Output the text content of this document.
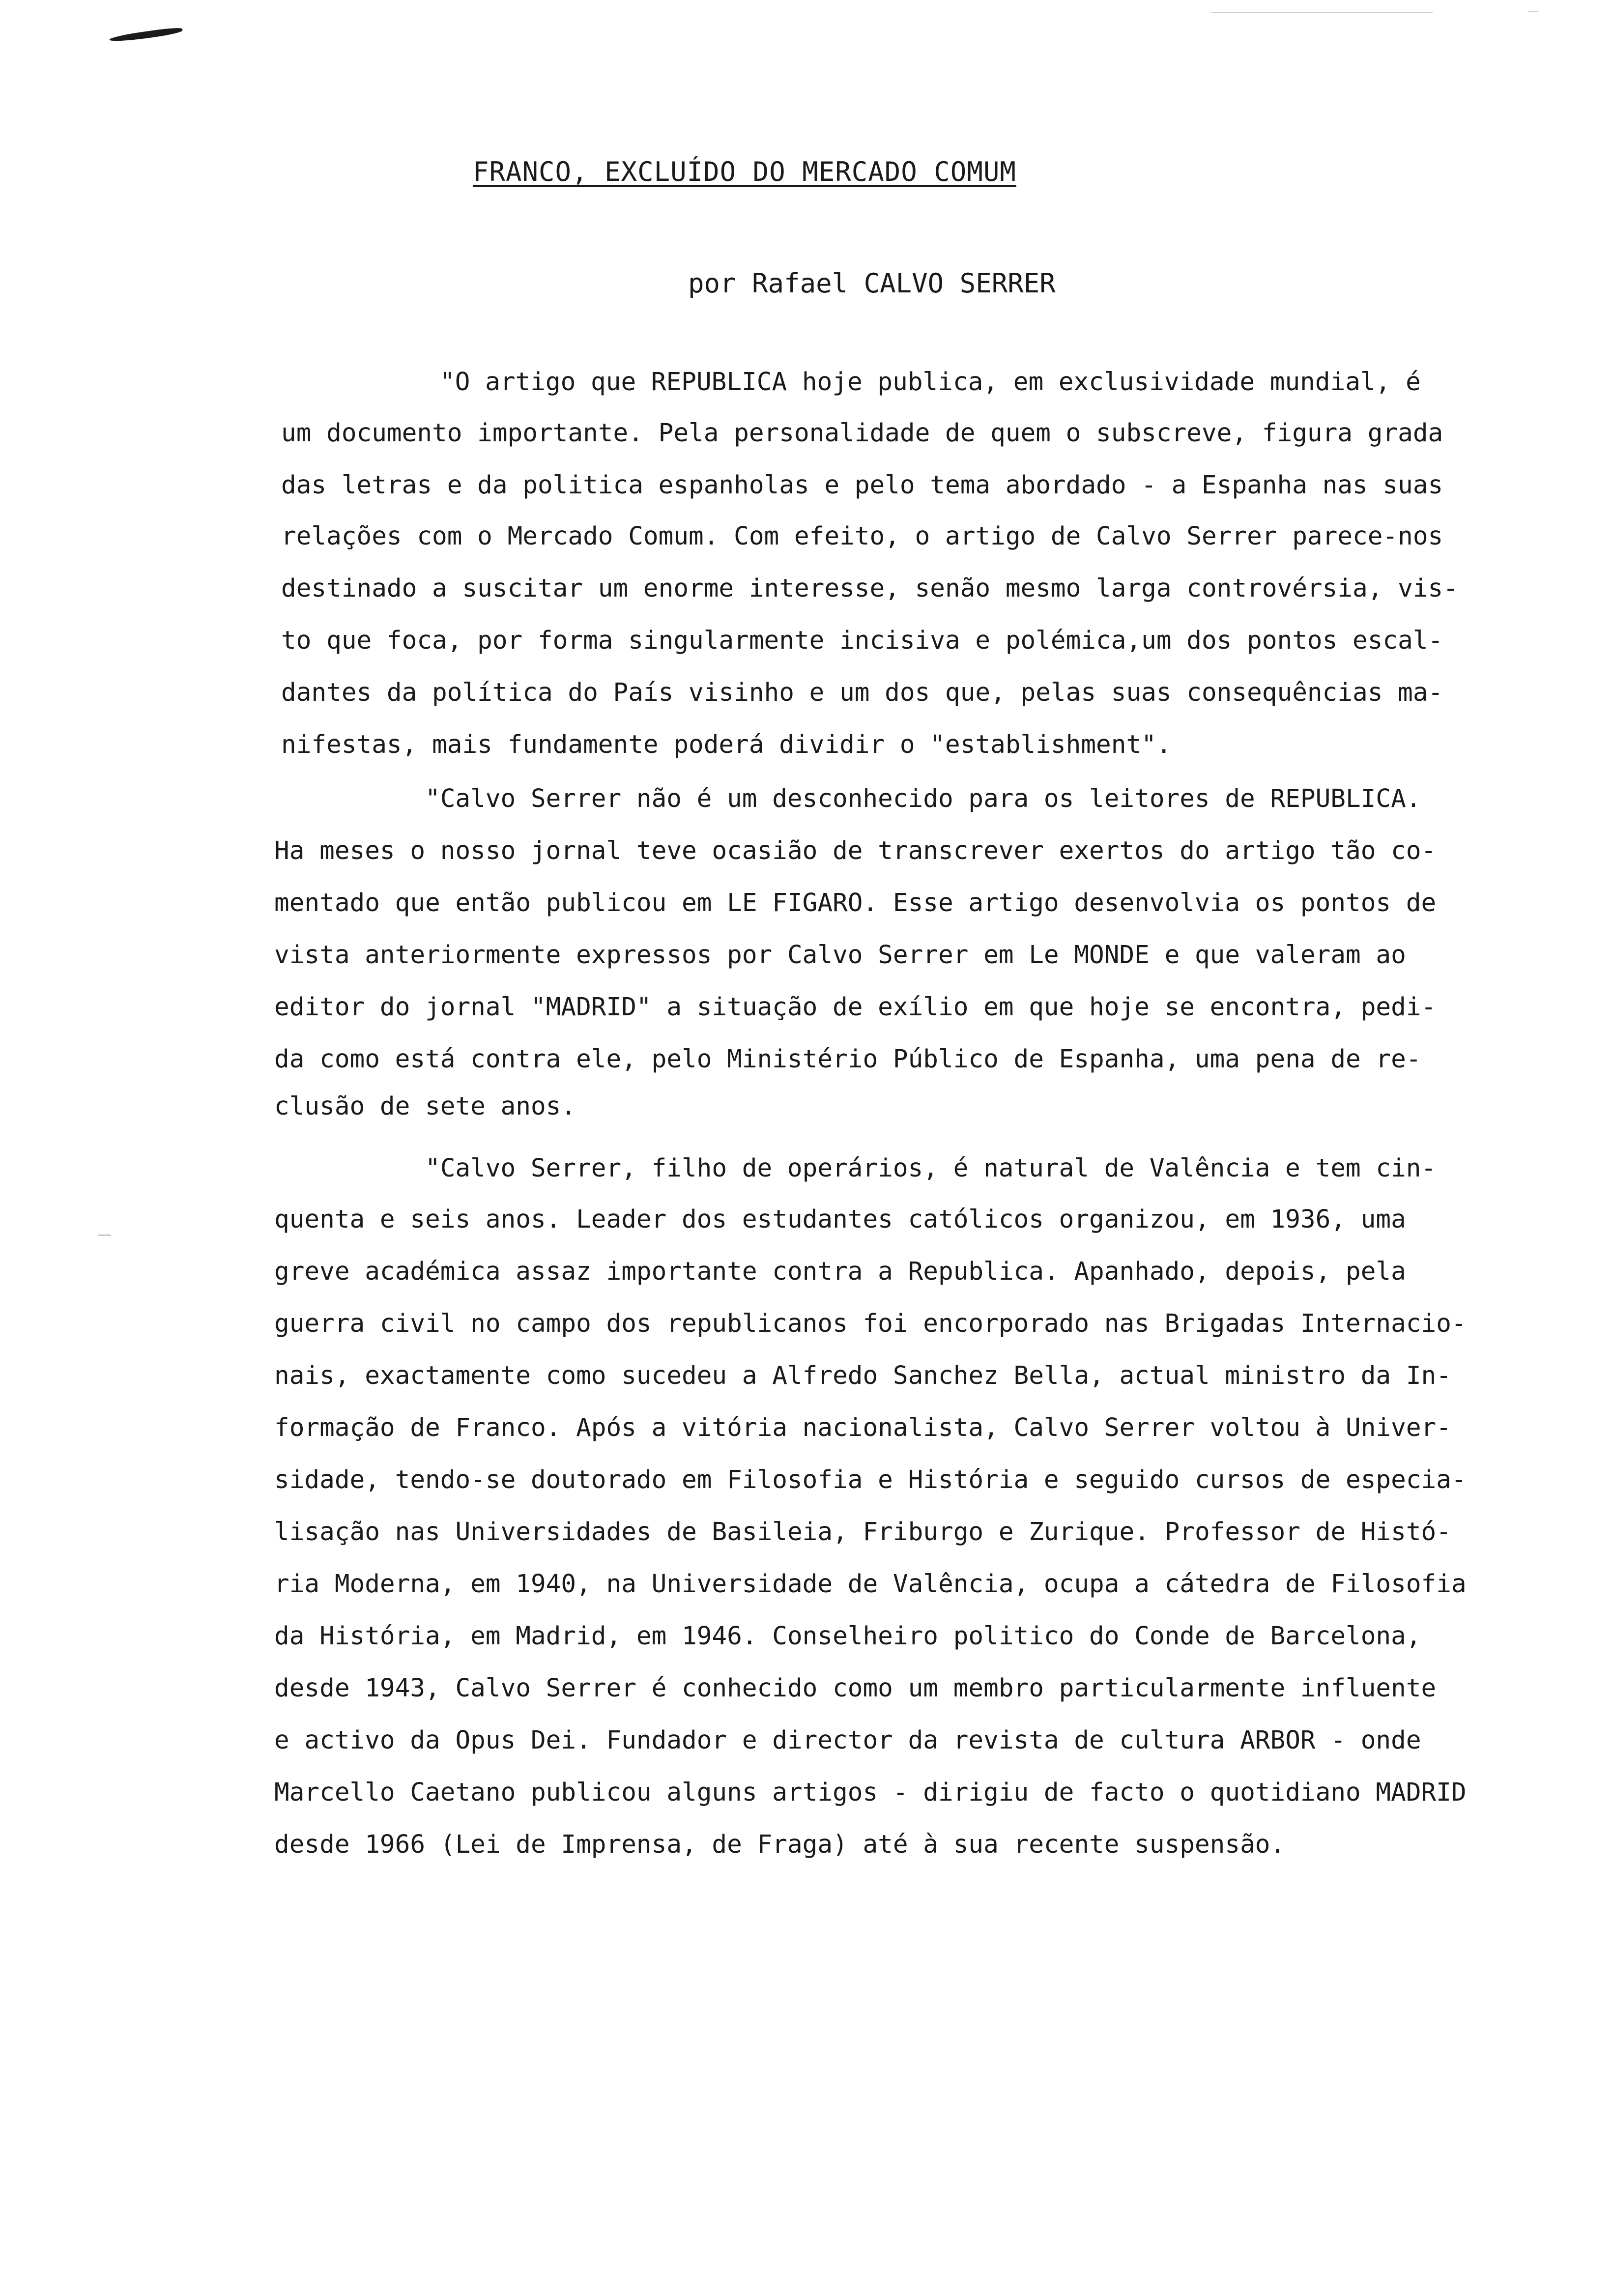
FRANCO, EXCLUÍDO DO MERCADO COMUM
por Rafael CALVO SERRER
"O artigo que REPUBLICA hoje publica, em exclusividade mundial, é
um documento importante. Pela personalidade de quem o subscreve, figura grada
das letras e da politica espanholas e pelo tema abordado - a Espanha nas suas
relações com o Mercado Comum. Com efeito, o artigo de Calvo Serrer parece-nos
destinado a suscitar um enorme interesse, senão mesmo larga controvérsia, vis-
to que foca, por forma singularmente incisiva e polémica,um dos pontos escal-
dantes da política do País visinho e um dos que, pelas suas consequências ma-
nifestas, mais fundamente poderá dividir o "establishment".
"Calvo Serrer não é um desconhecido para os leitores de REPUBLICA.
Ha meses o nosso jornal teve ocasião de transcrever exertos do artigo tão co-
mentado que então publicou em LE FIGARO. Esse artigo desenvolvia os pontos de
vista anteriormente expressos por Calvo Serrer em Le MONDE e que valeram ao
editor do jornal "MADRID" a situação de exílio em que hoje se encontra, pedi-
da como está contra ele, pelo Ministério Público de Espanha, uma pena de re-
clusão de sete anos.
"Calvo Serrer, filho de operários, é natural de Valência e tem cin-
quenta e seis anos. Leader dos estudantes católicos organizou, em 1936, uma
greve académica assaz importante contra a Republica. Apanhado, depois, pela
guerra civil no campo dos republicanos foi encorporado nas Brigadas Internacio-
nais, exactamente como sucedeu a Alfredo Sanchez Bella, actual ministro da In-
formação de Franco. Após a vitória nacionalista, Calvo Serrer voltou à Univer-
sidade, tendo-se doutorado em Filosofia e História e seguido cursos de especia-
lisação nas Universidades de Basileia, Friburgo e Zurique. Professor de Histó-
ria Moderna, em 1940, na Universidade de Valência, ocupa a cátedra de Filosofia
da História, em Madrid, em 1946. Conselheiro politico do Conde de Barcelona,
desde 1943, Calvo Serrer é conhecido como um membro particularmente influente
e activo da Opus Dei. Fundador e director da revista de cultura ARBOR - onde
Marcello Caetano publicou alguns artigos - dirigiu de facto o quotidiano MADRID
desde 1966 (Lei de Imprensa, de Fraga) até à sua recente suspensão.
